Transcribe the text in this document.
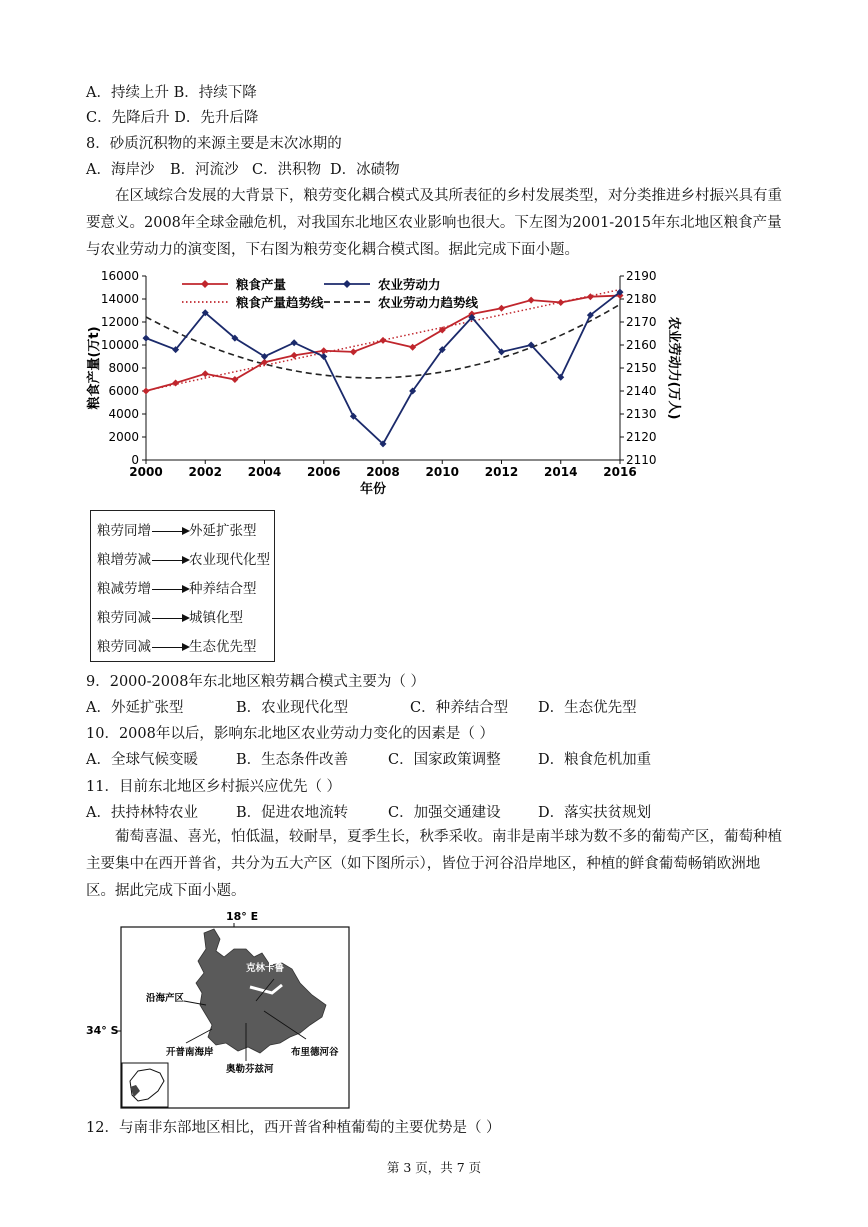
A．持续上升 B．持续下降
C．先降后升 D．先升后降
8．砂质沉积物的来源主要是末次冰期的
A．海岸沙 B．河流沙 C．洪积物 D．冰碛物
在区域综合发展的大背景下，粮劳变化耦合模式及其所表征的乡村发展类型，对分类推进乡村振兴具有重要意义。2008年全球金融危机，对我国东北地区农业影响也很大。下左图为2001-2015年东北地区粮食产量与农业劳动力的演变图，下右图为粮劳变化耦合模式图。据此完成下面小题。
0
2000
4000
6000
8000
10000
12000
14000
16000
2110
2120
2130
2140
2150
2160
2170
2180
2190
2000 2002 2004 2006 2008 2010 2012 2014 2016
年份
粮食产量(万t)	农业劳动力(万人)
粮食产量	农业劳动力
粮食产量趋势线	农业劳动力趋势线
粮劳同增	外延扩张型
粮增劳减	农业现代化型
粮减劳增	种养结合型
粮劳同减	城镇化型
粮劳同减	生态优先型
9．2000-2008年东北地区粮劳耦合模式主要为（ ）
A．外延扩张型	B．农业现代化型	C．种养结合型 D．生态优先型
10．2008年以后，影响东北地区农业劳动力变化的因素是（ ）
A．全球气候变暖	B．生态条件改善	C．国家政策调整	D．粮食危机加重
11．目前东北地区乡村振兴应优先（ ）
A．扶持林特农业	B．促进农地流转	C．加强交通建设	D．落实扶贫规划
葡萄喜温、喜光，怕低温，较耐旱，夏季生长，秋季采收。南非是南半球为数不多的葡萄产区，葡萄种植主要集中在西开普省，共分为五大产区（如下图所示），皆位于河谷沿岸地区，种植的鲜食葡萄畅销欧洲地区。据此完成下面小题。
18° E
34° S
克林卡鲁
沿海产区
开普南海岸	布里德河谷
奥勒芬兹河
12．与南非东部地区相比，西开普省种植葡萄的主要优势是（ ）
第 3 页，共 7 页
